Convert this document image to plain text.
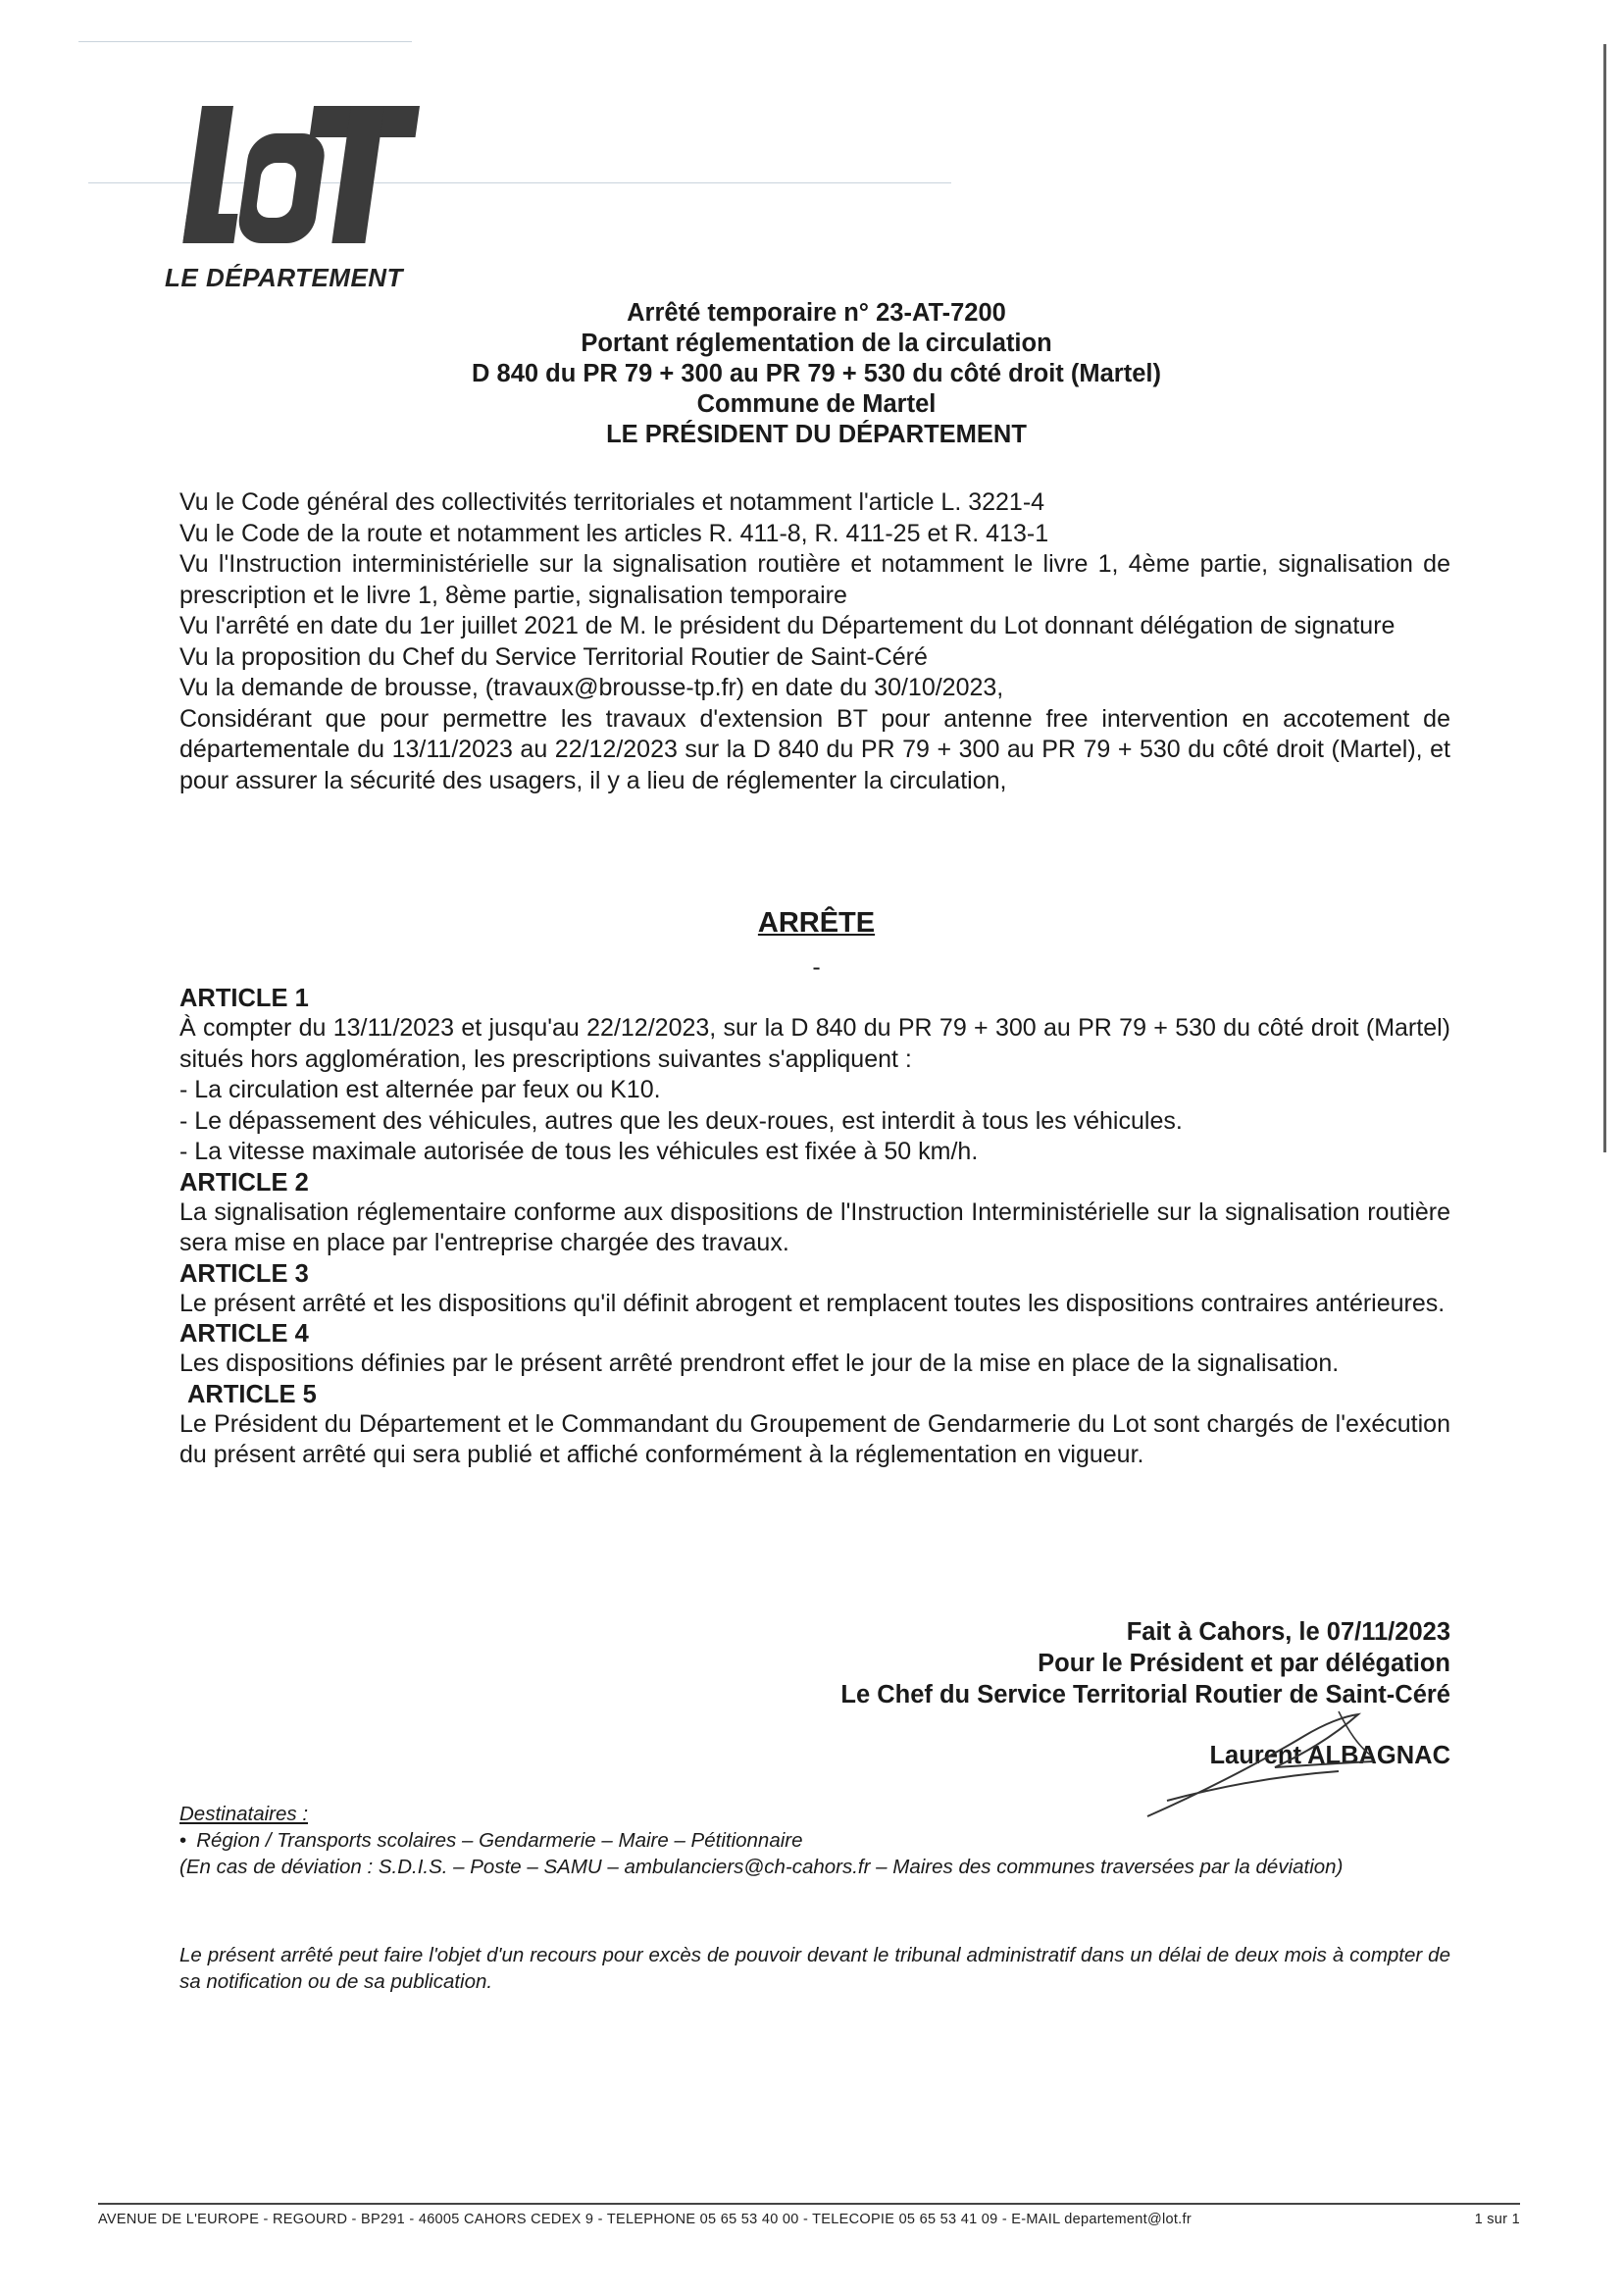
LE DÉPARTEMENT
Arrêté temporaire n° 23-AT-7200
Portant réglementation de la circulation
D 840 du PR 79 + 300 au PR 79 + 530 du côté droit (Martel)
Commune de Martel
LE PRÉSIDENT DU DÉPARTEMENT

Vu le Code général des collectivités territoriales et notamment l'article L. 3221-4

Vu le Code de la route et notamment les articles R. 411-8, R. 411-25 et R. 413-1

Vu l'Instruction interministérielle sur la signalisation routière et notamment le livre 1, 4ème partie, signalisation de prescription et le livre 1, 8ème partie, signalisation temporaire

Vu l'arrêté en date du 1er juillet 2021 de M. le président du Département du Lot donnant délégation de signature

Vu la proposition du Chef du Service Territorial Routier de Saint-Céré

Vu la demande de brousse, (travaux@brousse-tp.fr) en date du 30/10/2023,

Considérant que pour permettre les travaux d'extension BT pour antenne free intervention en accotement de départementale du 13/11/2023 au 22/12/2023 sur la D 840 du PR 79 + 300 au PR 79 + 530 du côté droit (Martel), et pour assurer la sécurité des usagers, il y a lieu de réglementer la circulation,

ARRÊTE
-

ARTICLE 1

À compter du 13/11/2023 et jusqu'au 22/12/2023, sur la D 840 du PR 79 + 300 au PR 79 + 530 du côté droit (Martel) situés hors agglomération, les prescriptions suivantes s'appliquent :

- La circulation est alternée par feux ou K10.

- Le dépassement des véhicules, autres que les deux-roues, est interdit à tous les véhicules.

- La vitesse maximale autorisée de tous les véhicules est fixée à 50 km/h.

ARTICLE 2

La signalisation réglementaire conforme aux dispositions de l'Instruction Interministérielle sur la signalisation routière sera mise en place par l'entreprise chargée des travaux.

ARTICLE 3

Le présent arrêté et les dispositions qu'il définit abrogent et remplacent toutes les dispositions contraires antérieures.

ARTICLE 4

Les dispositions définies par le présent arrêté prendront effet le jour de la mise en place de la signalisation.

ARTICLE 5

Le Président du Département et le Commandant du Groupement de Gendarmerie du Lot sont chargés de l'exécution du présent arrêté qui sera publié et affiché conformément à la réglementation en vigueur.

Fait à Cahors, le 07/11/2023
Pour le Président et par délégation
Le Chef du Service Territorial Routier de Saint-Céré
Laurent ALBAGNAC

Destinataires :

• Région / Transports scolaires – Gendarmerie – Maire – Pétitionnaire

(En cas de déviation : S.D.I.S. – Poste – SAMU – ambulanciers@ch-cahors.fr – Maires des communes traversées par la déviation)

Le présent arrêté peut faire l'objet d'un recours pour excès de pouvoir devant le tribunal administratif dans un délai de deux mois à compter de sa notification ou de sa publication.
AVENUE DE L'EUROPE - REGOURD - BP291 - 46005 CAHORS CEDEX 9 - TELEPHONE 05 65 53 40 00 - TELECOPIE 05 65 53 41 09 - E-MAIL departement@lot.fr	1 sur 1
